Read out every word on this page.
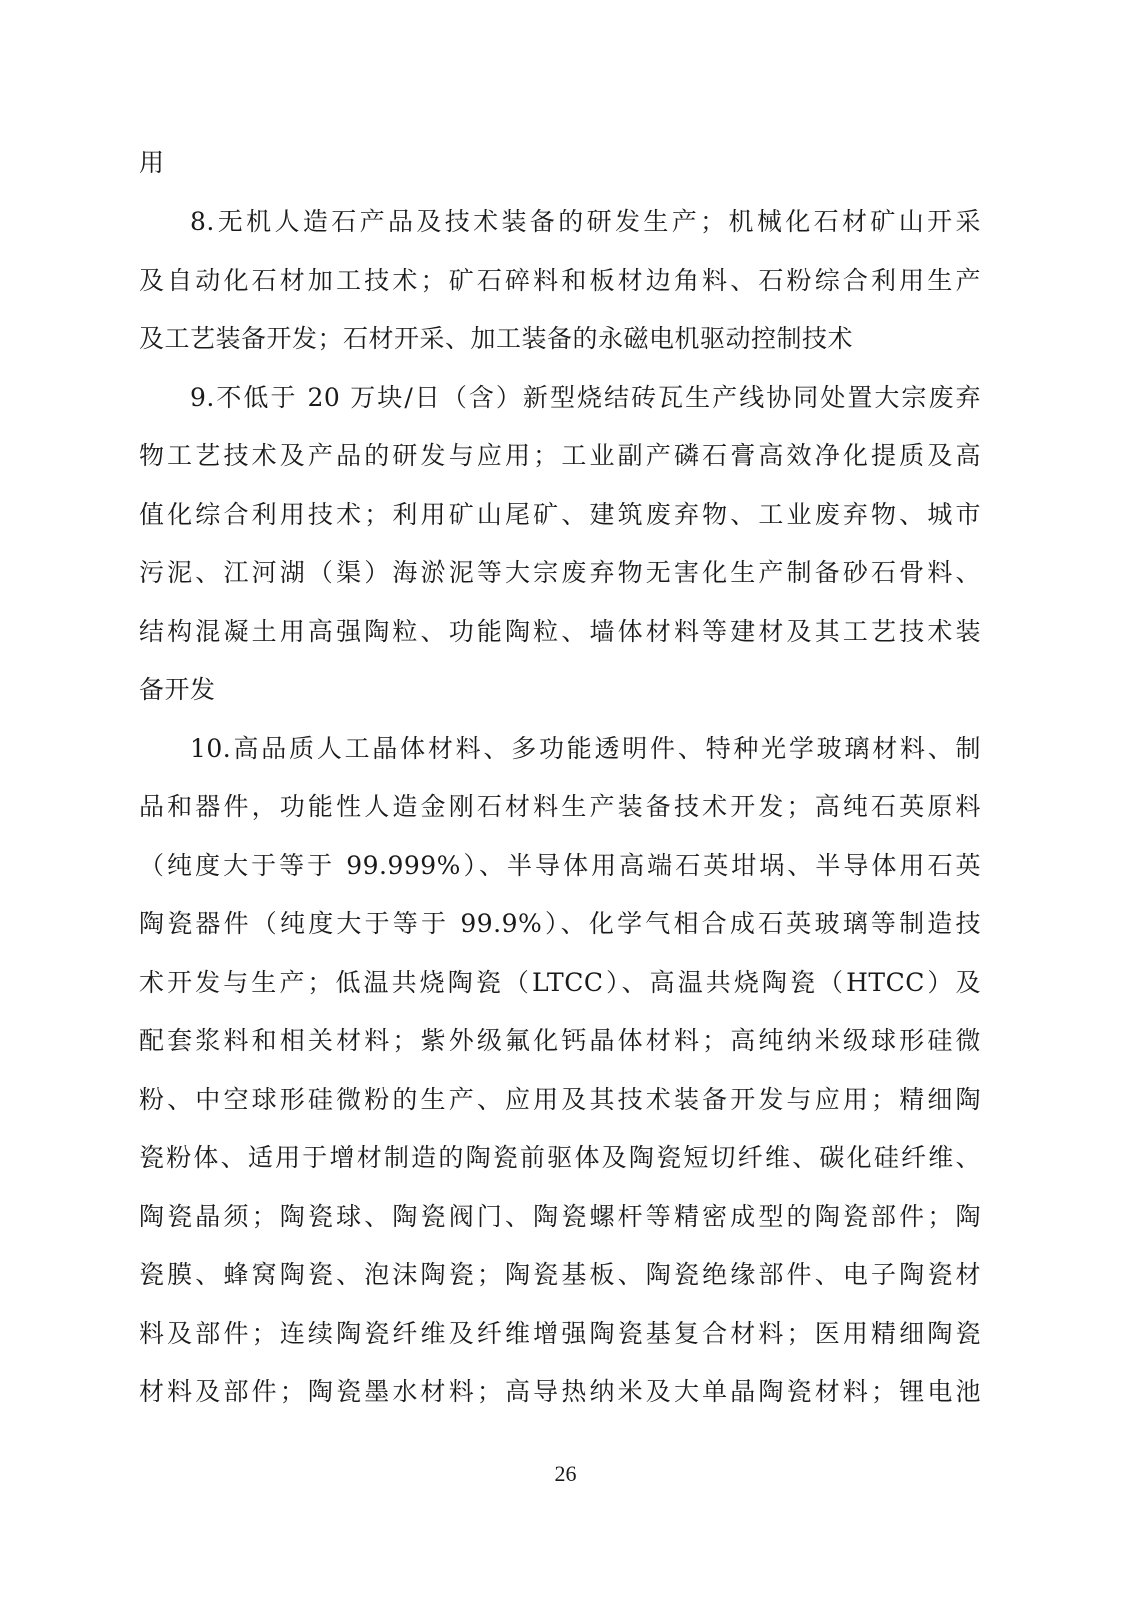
用
8.无机人造石产品及技术装备的研发生产；机械化石材矿山开采
及自动化石材加工技术；矿石碎料和板材边角料、石粉综合利用生产
及工艺装备开发；石材开采、加工装备的永磁电机驱动控制技术
9.不低于 20 万块/日（含）新型烧结砖瓦生产线协同处置大宗废弃
物工艺技术及产品的研发与应用；工业副产磷石膏高效净化提质及高
值化综合利用技术；利用矿山尾矿、建筑废弃物、工业废弃物、城市
污泥、江河湖（渠）海淤泥等大宗废弃物无害化生产制备砂石骨料、
结构混凝土用高强陶粒、功能陶粒、墙体材料等建材及其工艺技术装
备开发
10.高品质人工晶体材料、多功能透明件、特种光学玻璃材料、制
品和器件，功能性人造金刚石材料生产装备技术开发；高纯石英原料
（纯度大于等于 99.999%）、半导体用高端石英坩埚、半导体用石英
陶瓷器件（纯度大于等于 99.9%）、化学气相合成石英玻璃等制造技
术开发与生产；低温共烧陶瓷（LTCC）、高温共烧陶瓷（HTCC）及
配套浆料和相关材料；紫外级氟化钙晶体材料；高纯纳米级球形硅微
粉、中空球形硅微粉的生产、应用及其技术装备开发与应用；精细陶
瓷粉体、适用于增材制造的陶瓷前驱体及陶瓷短切纤维、碳化硅纤维、
陶瓷晶须；陶瓷球、陶瓷阀门、陶瓷螺杆等精密成型的陶瓷部件；陶
瓷膜、蜂窝陶瓷、泡沫陶瓷；陶瓷基板、陶瓷绝缘部件、电子陶瓷材
料及部件；连续陶瓷纤维及纤维增强陶瓷基复合材料；医用精细陶瓷
材料及部件；陶瓷墨水材料；高导热纳米及大单晶陶瓷材料；锂电池
26
